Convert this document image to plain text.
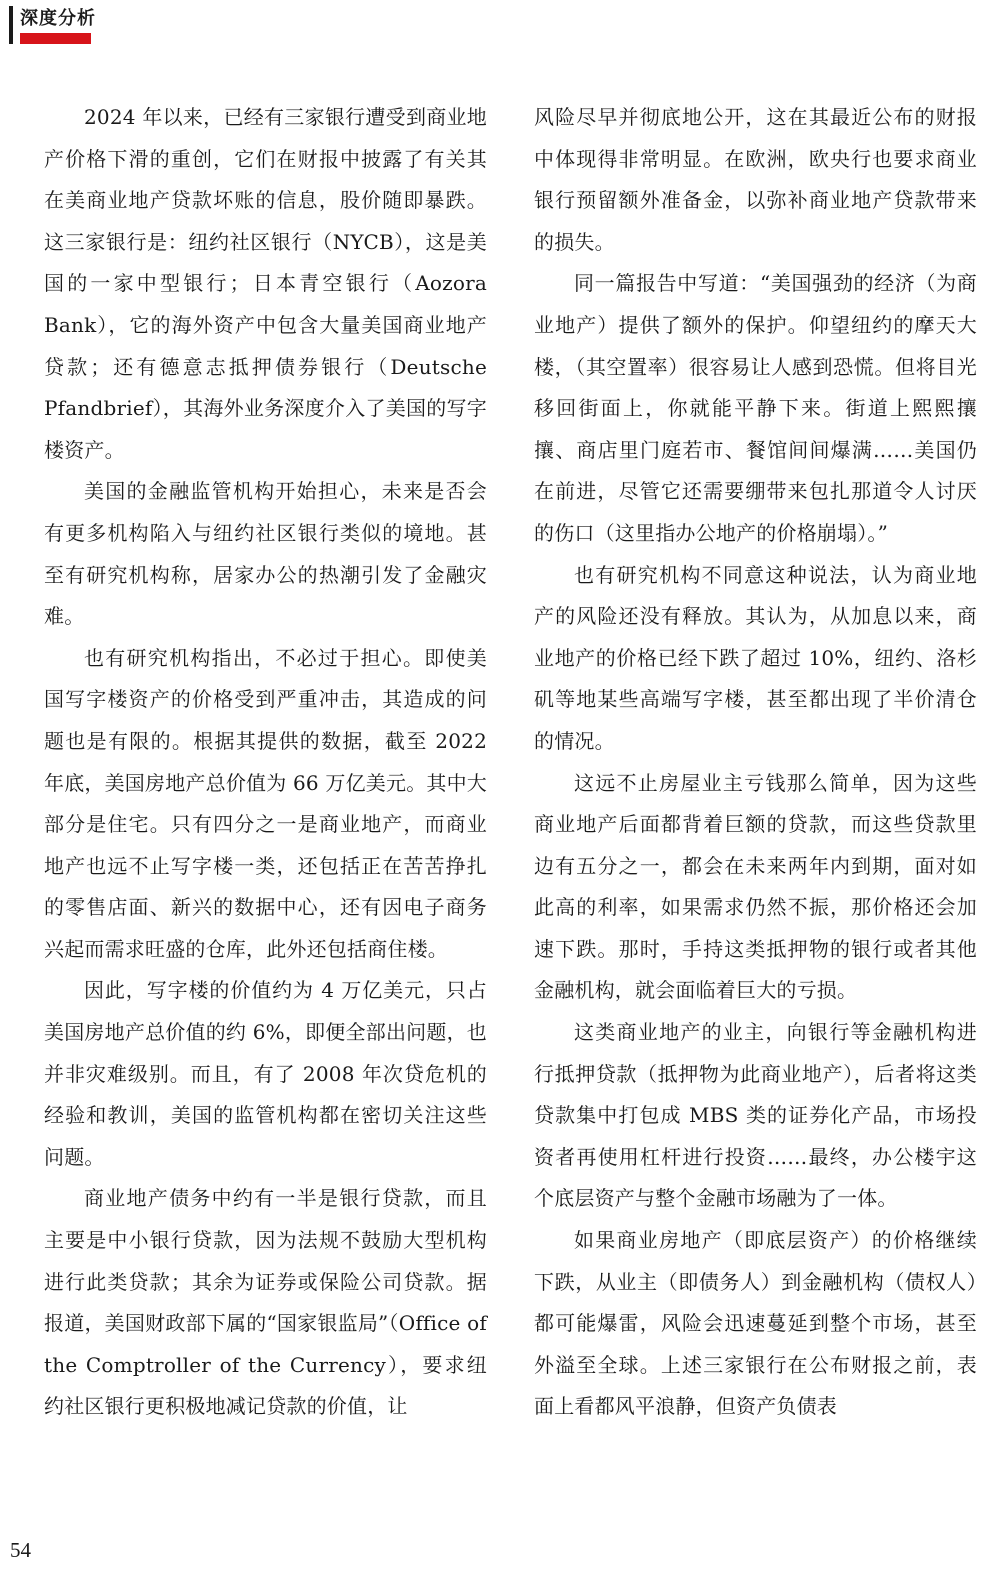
深度分析

2024 年以来，已经有三家银行遭受到商业地产价格下滑的重创，它们在财报中披露了有关其在美商业地产贷款坏账的信息，股价随即暴跌。这三家银行是：纽约社区银行（NYCB），这是美国的一家中型银行；日本青空银行（Aozora Bank），它的海外资产中包含大量美国商业地产贷款；还有德意志抵押债券银行（Deutsche Pfandbrief），其海外业务深度介入了美国的写字楼资产。

美国的金融监管机构开始担心，未来是否会有更多机构陷入与纽约社区银行类似的境地。甚至有研究机构称，居家办公的热潮引发了金融灾难。

也有研究机构指出，不必过于担心。即使美国写字楼资产的价格受到严重冲击，其造成的问题也是有限的。根据其提供的数据，截至 2022 年底，美国房地产总价值为 66 万亿美元。其中大部分是住宅。只有四分之一是商业地产，而商业地产也远不止写字楼一类，还包括正在苦苦挣扎的零售店面、新兴的数据中心，还有因电子商务兴起而需求旺盛的仓库，此外还包括商住楼。

因此，写字楼的价值约为 4 万亿美元，只占美国房地产总价值的约 6%，即便全部出问题，也并非灾难级别。而且，有了 2008 年次贷危机的经验和教训，美国的监管机构都在密切关注这些问题。

商业地产债务中约有一半是银行贷款，而且主要是中小银行贷款，因为法规不鼓励大型机构进行此类贷款；其余为证券或保险公司贷款。据报道，美国财政部下属的“国家银监局”（Office of the Comptroller of the Currency），要求纽约社区银行更积极地减记贷款的价值，让

风险尽早并彻底地公开，这在其最近公布的财报中体现得非常明显。在欧洲，欧央行也要求商业银行预留额外准备金，以弥补商业地产贷款带来的损失。

同一篇报告中写道：“美国强劲的经济（为商业地产）提供了额外的保护。仰望纽约的摩天大楼，（其空置率）很容易让人感到恐慌。但将目光移回街面上，你就能平静下来。街道上熙熙攘攘、商店里门庭若市、餐馆间间爆满……美国仍在前进，尽管它还需要绷带来包扎那道令人讨厌的伤口（这里指办公地产的价格崩塌）。”

也有研究机构不同意这种说法，认为商业地产的风险还没有释放。其认为，从加息以来，商业地产的价格已经下跌了超过 10%，纽约、洛杉矶等地某些高端写字楼，甚至都出现了半价清仓的情况。

这远不止房屋业主亏钱那么简单，因为这些商业地产后面都背着巨额的贷款，而这些贷款里边有五分之一，都会在未来两年内到期，面对如此高的利率，如果需求仍然不振，那价格还会加速下跌。那时，手持这类抵押物的银行或者其他金融机构，就会面临着巨大的亏损。

这类商业地产的业主，向银行等金融机构进行抵押贷款（抵押物为此商业地产），后者将这类贷款集中打包成 MBS 类的证券化产品，市场投资者再使用杠杆进行投资……最终，办公楼宇这个底层资产与整个金融市场融为了一体。

如果商业房地产（即底层资产）的价格继续下跌，从业主（即债务人）到金融机构（债权人）都可能爆雷，风险会迅速蔓延到整个市场，甚至外溢至全球。上述三家银行在公布财报之前，表面上看都风平浪静，但资产负债表

54
